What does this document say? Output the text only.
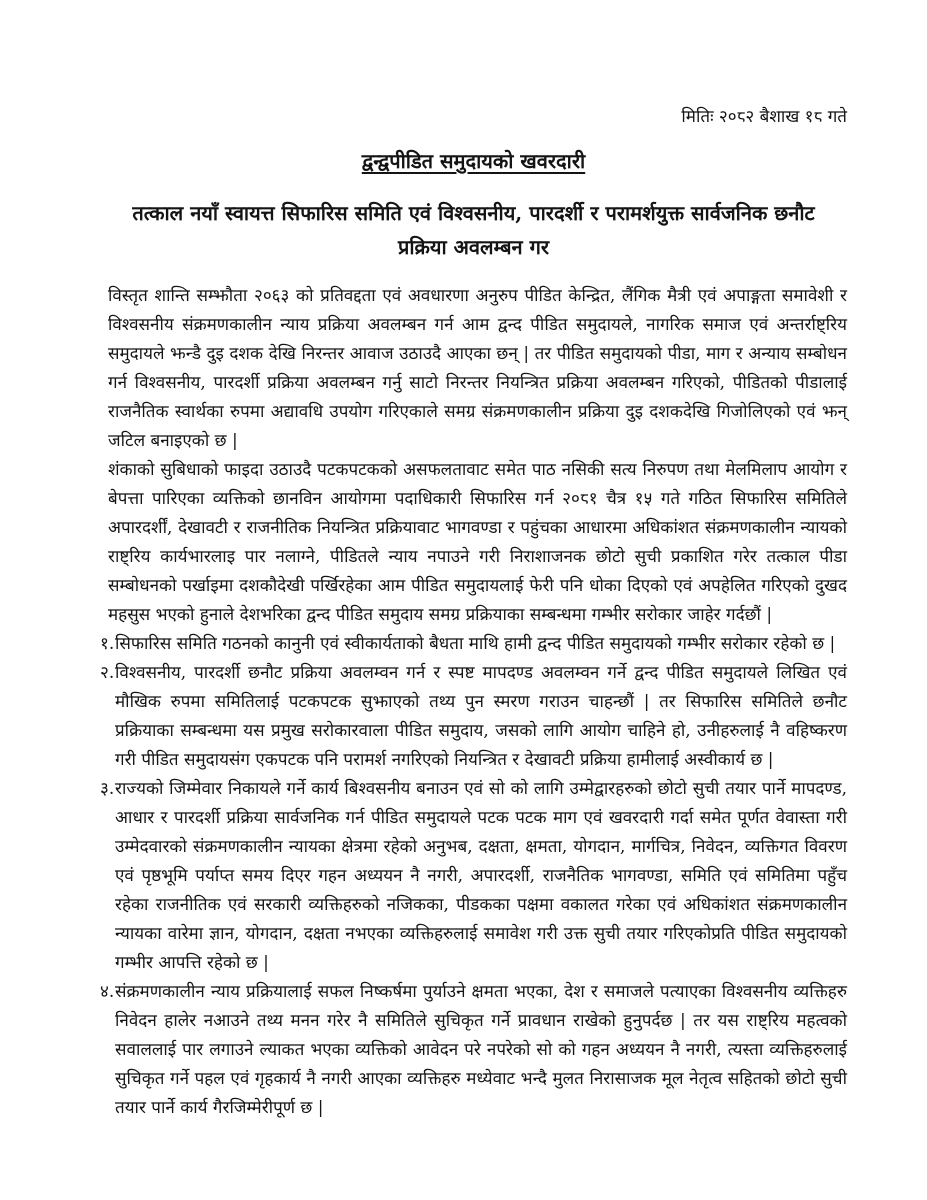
मितिः २०८२ बैशाख १८ गते
द्वन्द्वपीडित समुदायको खवरदारी
तत्काल नयाँ स्वायत्त सिफारिस समिति एवं विश्वसनीय, पारदर्शी र परामर्शयुक्त सार्वजनिक छनौट प्रक्रिया अवलम्बन गर

विस्तृत शान्ति सम्झौता २०६३ को प्रतिवद्दता एवं अवधारणा अनुरुप पीडित केन्द्रित, लैंगिक मैत्री एवं अपाङ्गता समावेशी र विश्वसनीय संक्रमणकालीन न्याय प्रक्रिया अवलम्बन गर्न आम द्वन्द पीडित समुदायले, नागरिक समाज एवं अन्तर्राष्ट्रिय समुदायले झन्डै दुइ दशक देखि निरन्तर आवाज उठाउदै आएका छन् | तर पीडित समुदायको पीडा, माग र अन्याय सम्बोधन गर्न विश्वसनीय, पारदर्शी प्रक्रिया अवलम्बन गर्नु साटो निरन्तर नियन्त्रित प्रक्रिया अवलम्बन गरिएको, पीडितको पीडालाई राजनैतिक स्वार्थका रुपमा अद्यावधि उपयोग गरिएकाले समग्र संक्रमणकालीन प्रक्रिया दुइ दशकदेखि गिजोलिएको एवं झन् जटिल बनाइएको छ |

शंकाको सुबिधाको फाइदा उठाउदै पटकपटकको असफलतावाट समेत पाठ नसिकी सत्य निरुपण तथा मेलमिलाप आयोग र बेपत्ता पारिएका व्यक्तिको छानविन आयोगमा पदाधिकारी सिफारिस गर्न २०८१ चैत्र १५ गते गठित सिफारिस समितिले अपारदर्शीं, देखावटी र राजनीतिक नियन्त्रित प्रक्रियावाट भागवण्डा र पहुंचका आधारमा अधिकांशत संक्रमणकालीन न्यायको राष्ट्रिय कार्यभारलाइ पार नलाग्ने, पीडितले न्याय नपाउने गरी निराशाजनक छोटो सुची प्रकाशित गरेर तत्काल पीडा सम्बोधनको पर्खाइमा दशकौदेखी पर्खिरहेका आम पीडित समुदायलाई फेरी पनि धोका दिएको एवं अपहेलित गरिएको दुखद महसुस भएको हुनाले देशभरिका द्वन्द पीडित समुदाय समग्र प्रक्रियाका सम्बन्धमा गम्भीर सरोकार जाहेर गर्दछौं |

१. सिफारिस समिति गठनको कानुनी एवं स्वीकार्यताको बैधता माथि हामी द्वन्द पीडित समुदायको गम्भीर सरोकार रहेको छ |
२. विश्वसनीय, पारदर्शी छनौट प्रक्रिया अवलम्वन गर्न र स्पष्ट मापदण्ड अवलम्वन गर्ने द्वन्द पीडित समुदायले लिखित एवं मौखिक रुपमा समितिलाई पटकपटक सुझाएको तथ्य पुन स्मरण गराउन चाहन्छौं | तर सिफारिस समितिले छनौट प्रक्रियाका सम्बन्धमा यस प्रमुख सरोकारवाला पीडित समुदाय, जसको लागि आयोग चाहिने हो, उनीहरुलाई नै वहिष्करण गरी पीडित समुदायसंग एकपटक पनि परामर्श नगरिएको नियन्त्रित र देखावटी प्रक्रिया हामीलाई अस्वीकार्य छ |
३. राज्यको जिम्मेवार निकायले गर्ने कार्य बिश्वसनीय बनाउन एवं सो को लागि उम्मेद्वारहरुको छोटो सुची तयार पार्ने मापदण्ड, आधार र पारदर्शी प्रक्रिया सार्वजनिक गर्न पीडित समुदायले पटक पटक माग एवं खवरदारी गर्दा समेत पूर्णत वेवास्ता गरी उम्मेदवारको संक्रमणकालीन न्यायका क्षेत्रमा रहेको अनुभब, दक्षता, क्षमता, योगदान, मार्गचित्र, निवेदन, व्यक्तिगत विवरण एवं पृष्ठभूमि पर्याप्त समय दिएर गहन अध्ययन नै नगरी, अपारदर्शी, राजनैतिक भागवण्डा, समिति एवं समितिमा पहुँच रहेका राजनीतिक एवं सरकारी व्यक्तिहरुको नजिकका, पीडकका पक्षमा वकालत गरेका एवं अधिकांशत संक्रमणकालीन न्यायका वारेमा ज्ञान, योगदान, दक्षता नभएका व्यक्तिहरुलाई समावेश गरी उक्त सुची तयार गरिएकोप्रति पीडित समुदायको गम्भीर आपत्ति रहेको छ |
४. संक्रमणकालीन न्याय प्रक्रियालाई सफल निष्कर्षमा पुर्याउने क्षमता भएका, देश र समाजले पत्याएका विश्वसनीय व्यक्तिहरु निवेदन हालेर नआउने तथ्य मनन गरेर नै समितिले सुचिकृत गर्ने प्रावधान राखेको हुनुपर्दछ | तर यस राष्ट्रिय महत्वको सवाललाई पार लगाउने ल्याकत भएका व्यक्तिको आवेदन परे नपरेको सो को गहन अध्ययन नै नगरी, त्यस्ता व्यक्तिहरुलाई सुचिकृत गर्ने पहल एवं गृहकार्य नै नगरी आएका व्यक्तिहरु मध्येवाट भन्दै मुलत निरासाजक मूल नेतृत्व सहितको छोटो सुची तयार पार्ने कार्य गैरजिम्मेरीपूर्ण छ |
